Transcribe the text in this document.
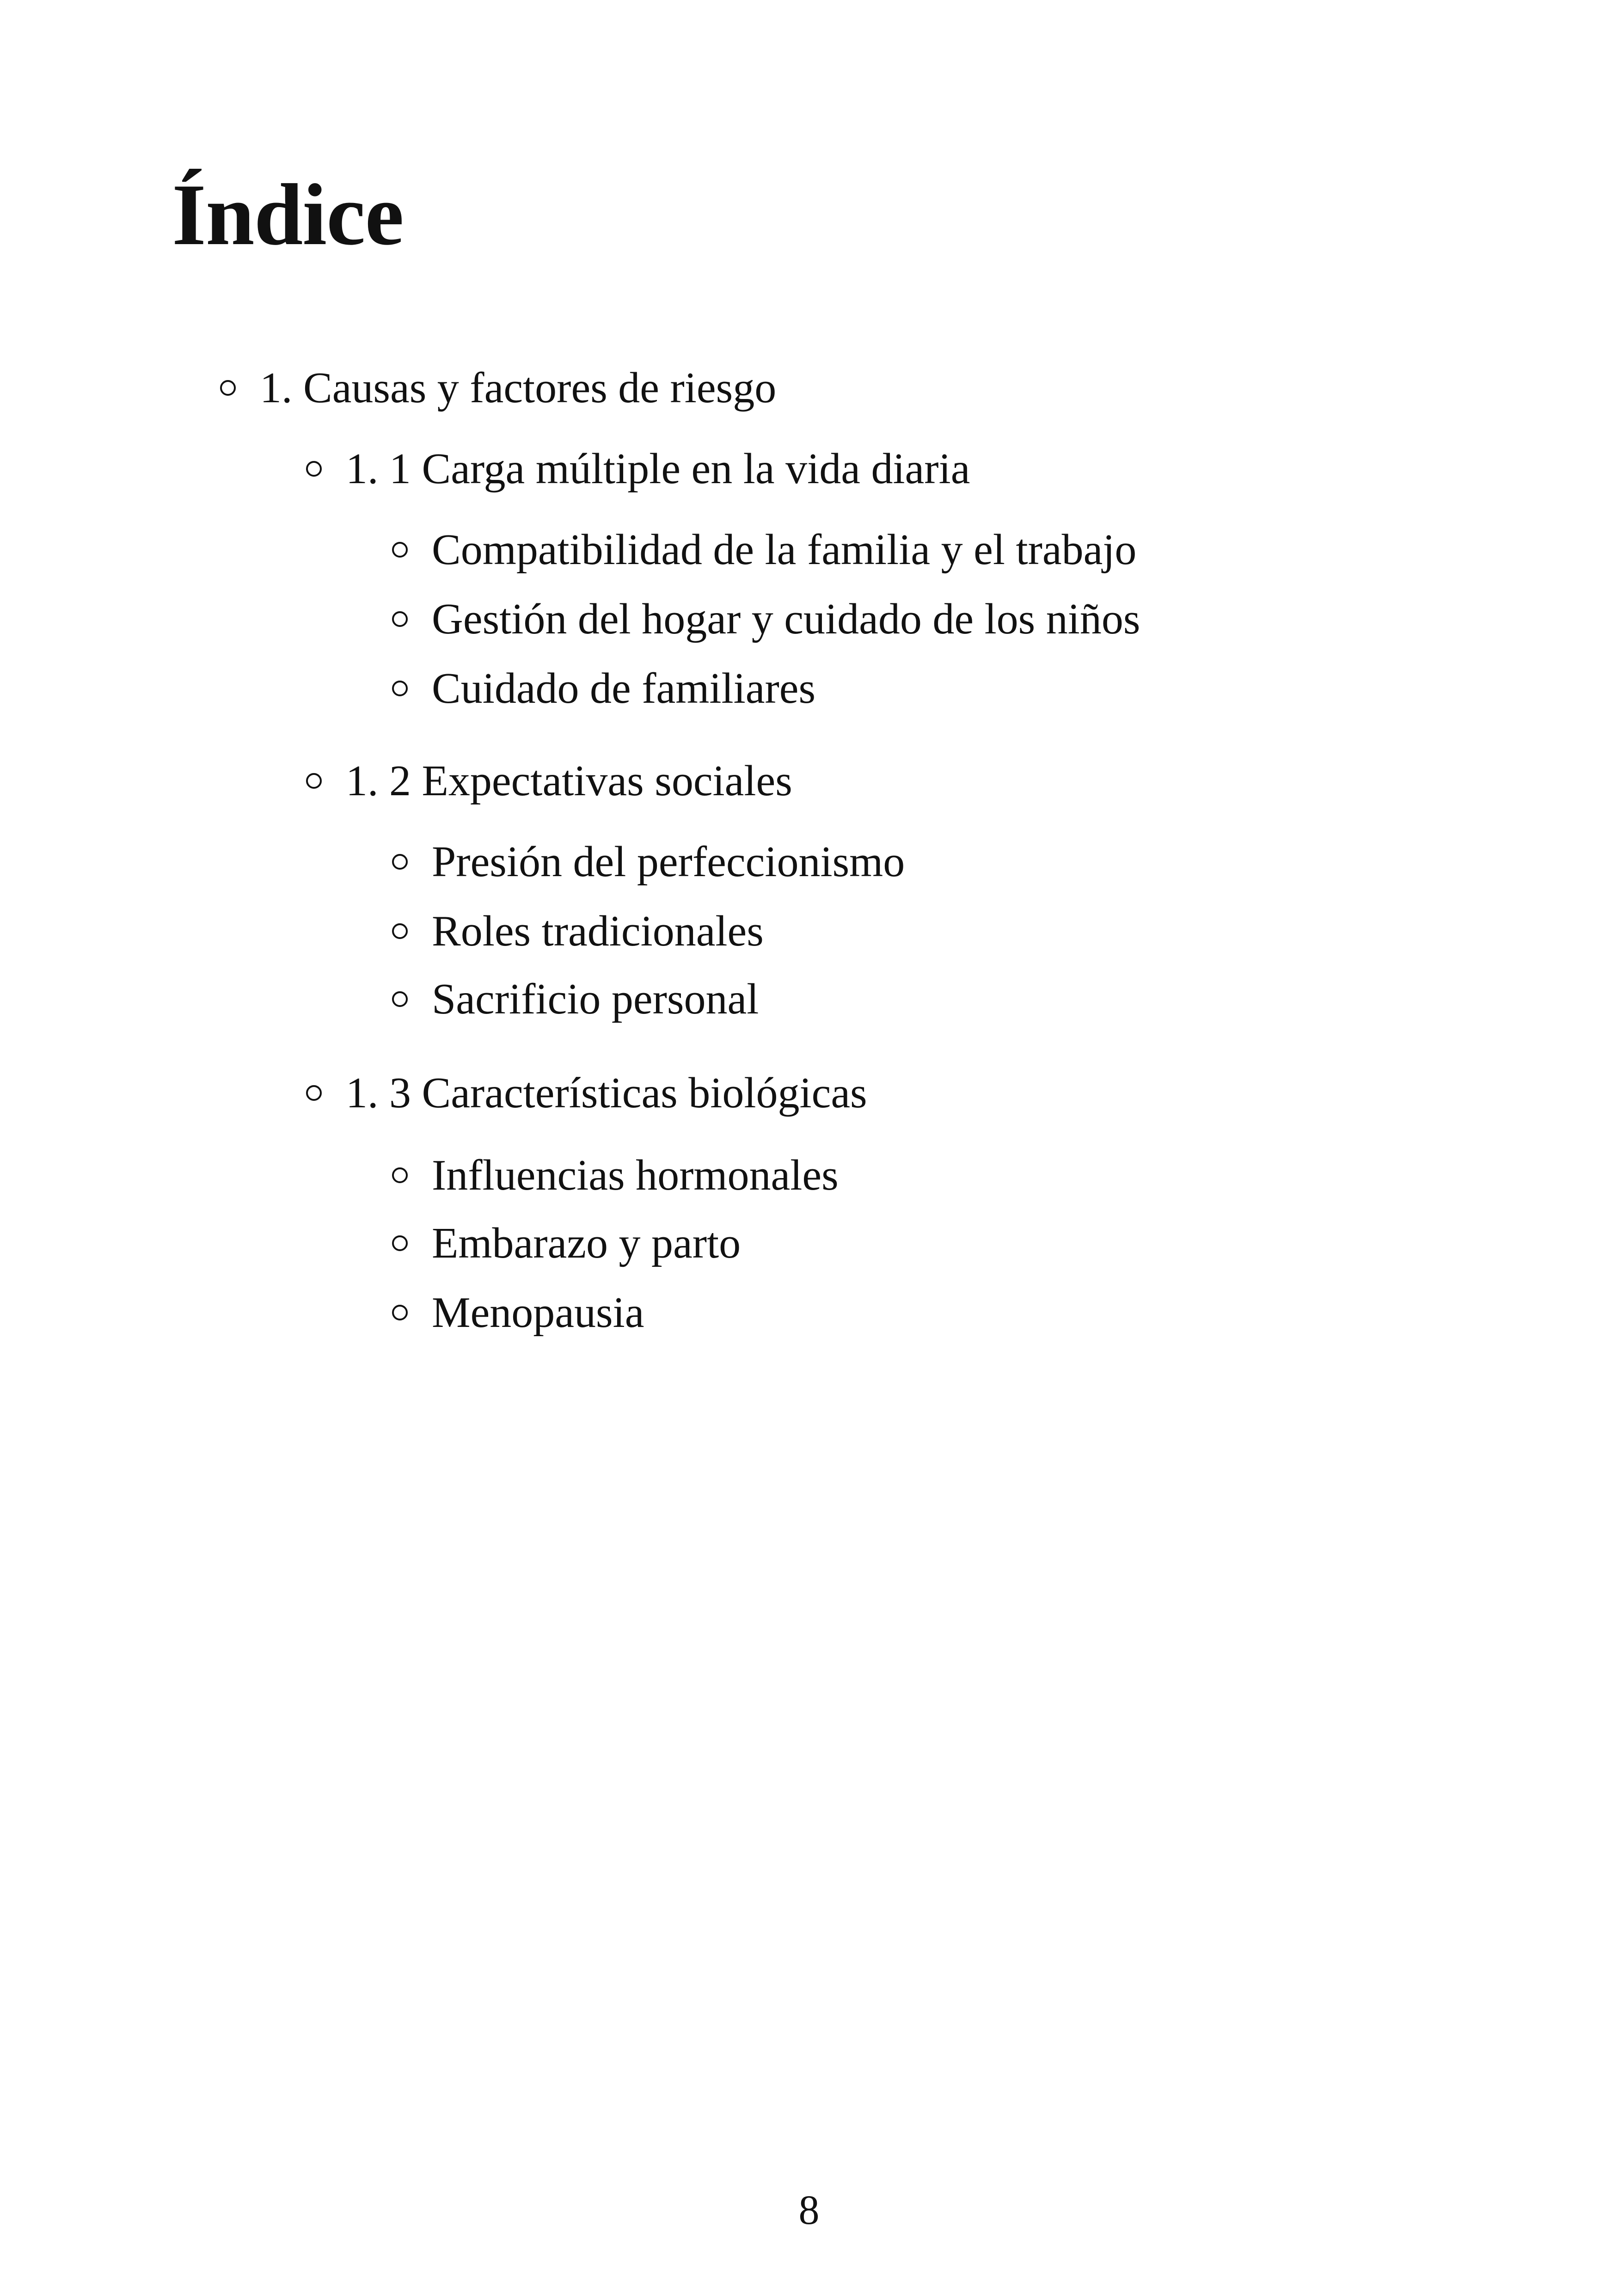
Índice
1. Causas y factores de riesgo
1. 1 Carga múltiple en la vida diaria
Compatibilidad de la familia y el trabajo
Gestión del hogar y cuidado de los niños
Cuidado de familiares
1. 2 Expectativas sociales
Presión del perfeccionismo
Roles tradicionales
Sacrificio personal
1. 3 Características biológicas
Influencias hormonales
Embarazo y parto
Menopausia
8
